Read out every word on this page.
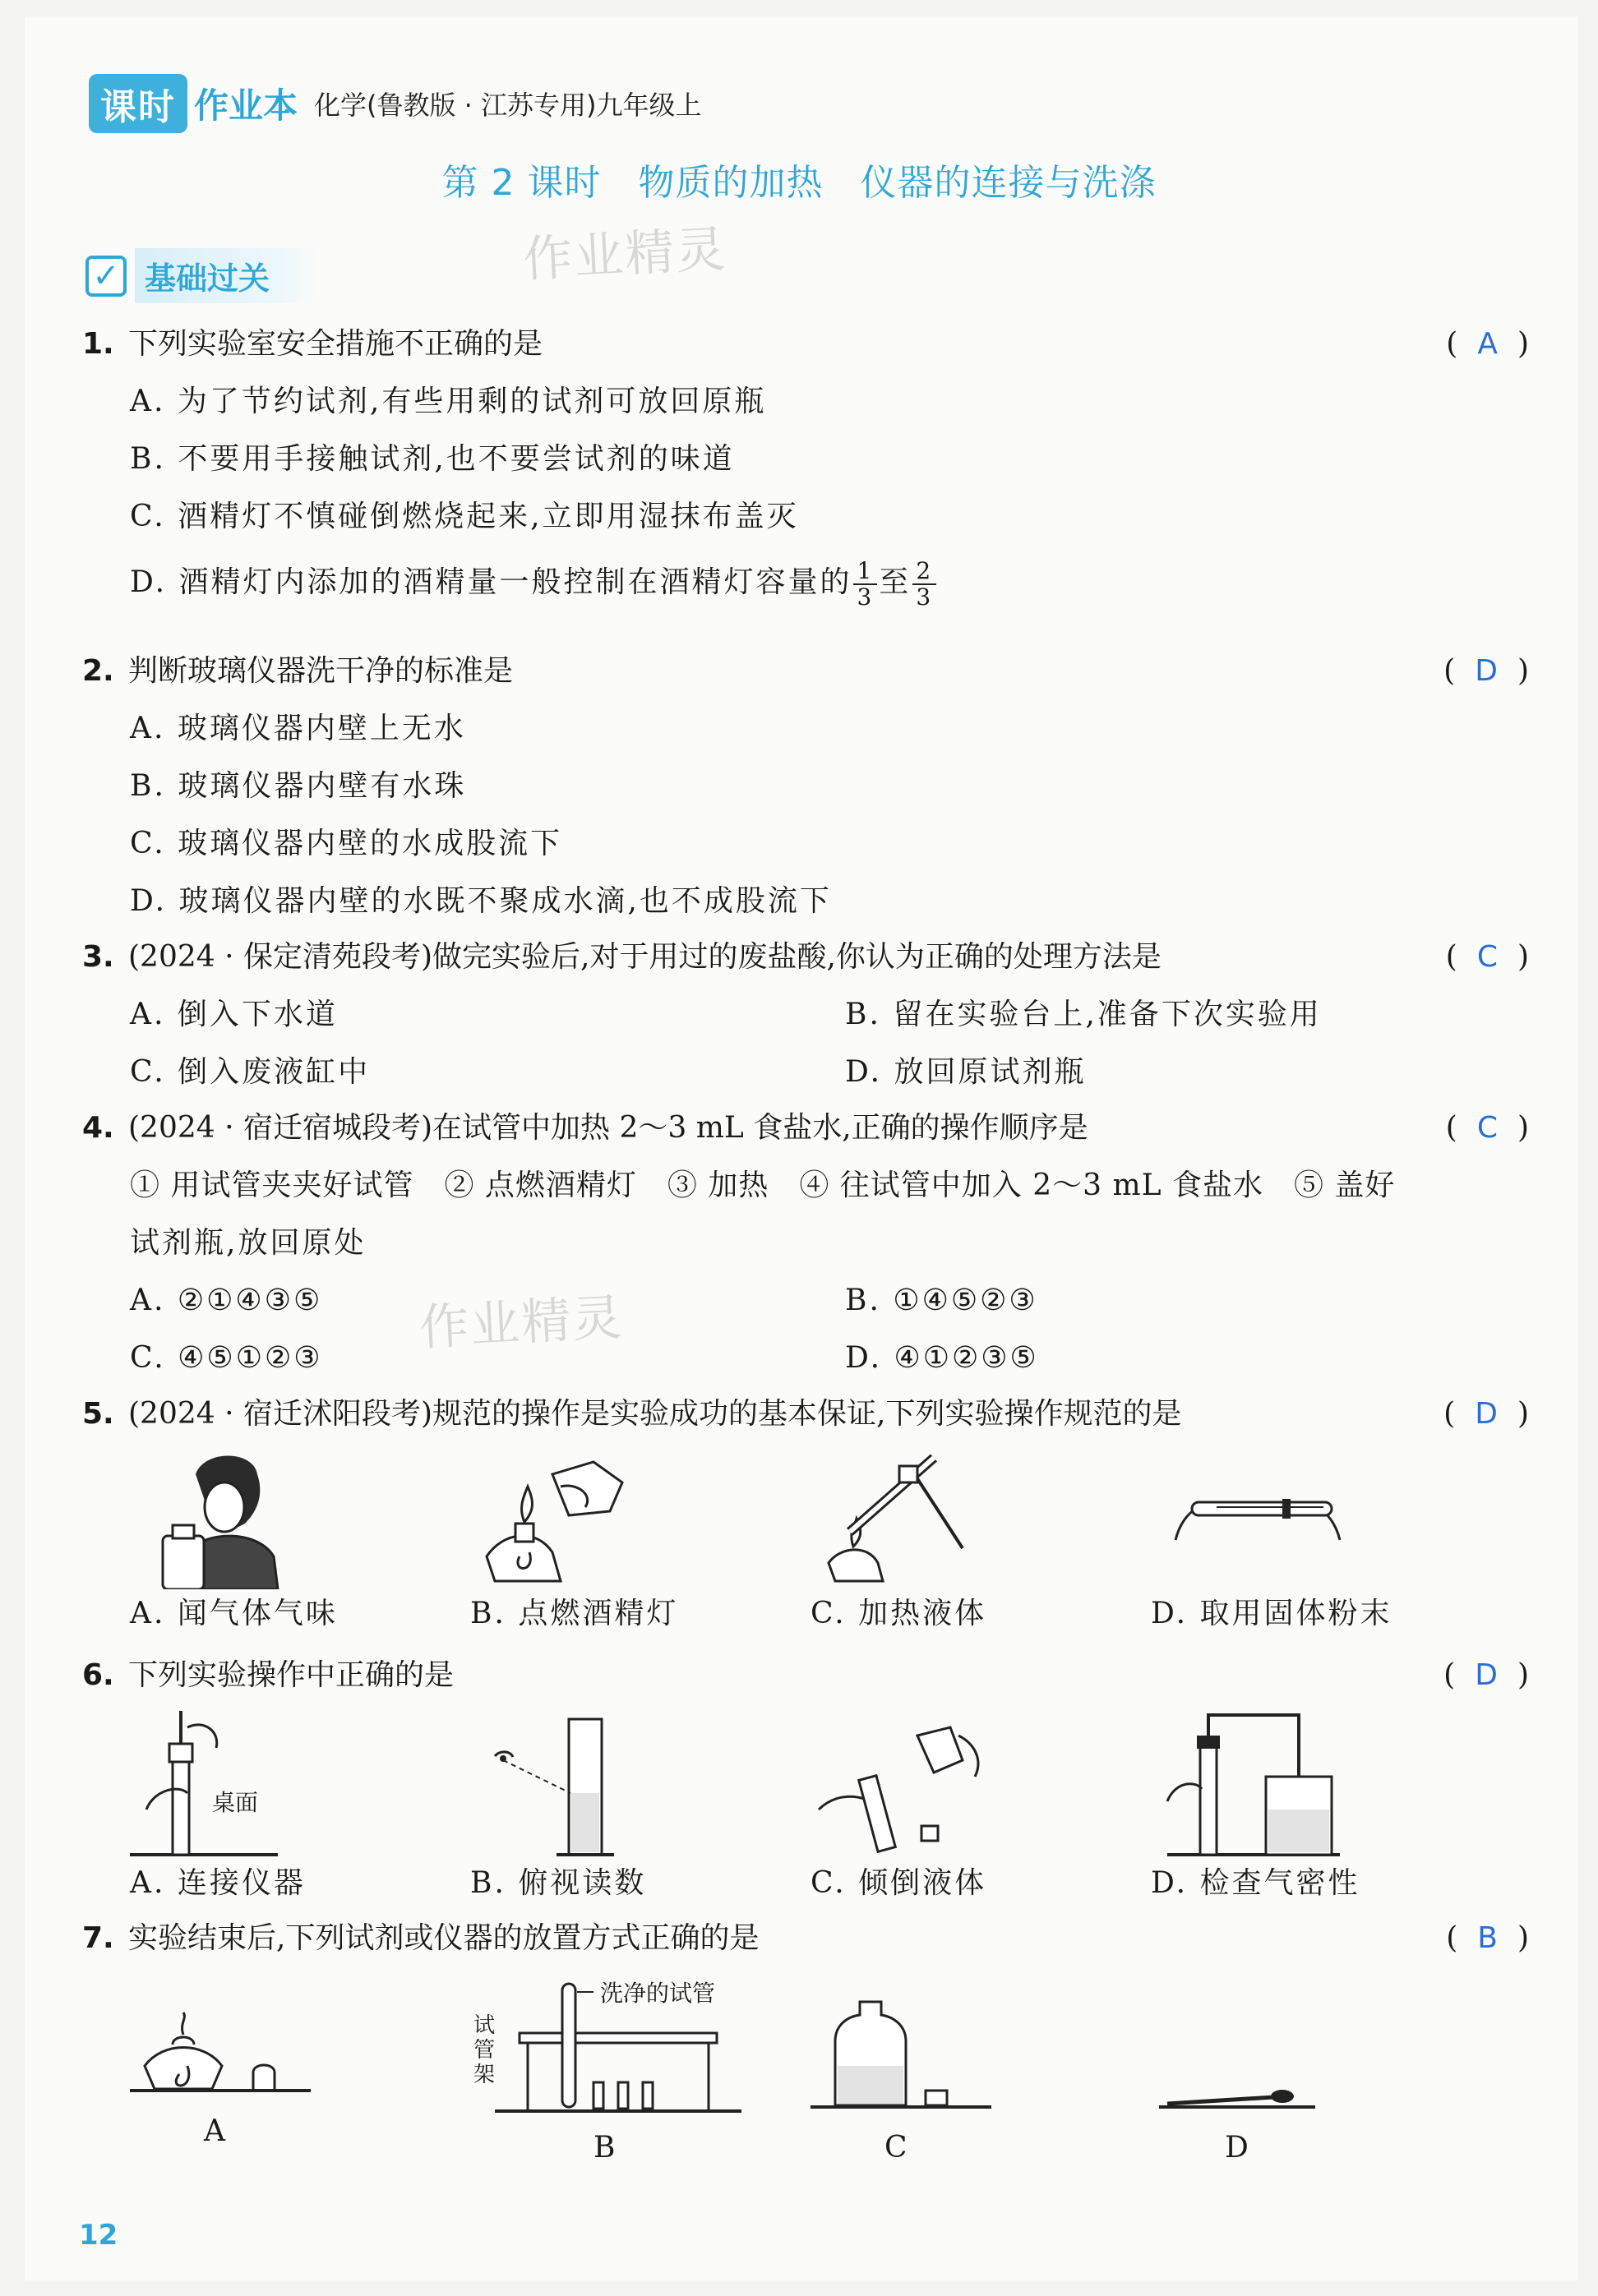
课时 作业本 化学(鲁教版 · 江苏专用)九年级上
第 2 课时　物质的加热　仪器的连接与洗涤
✓ 基础过关	作业精灵
作业精灵
1. 下列实验室安全措施不正确的是	( A )
A. 为了节约试剂,有些用剩的试剂可放回原瓶
B. 不要用手接触试剂,也不要尝试剂的味道
C. 酒精灯不慎碰倒燃烧起来,立即用湿抹布盖灭
D. 酒精灯内添加的酒精量一般控制在酒精灯容量的 $\frac{1}{3}$ 至 $\frac{2}{3}$
2. 判断玻璃仪器洗干净的标准是	( D )
A. 玻璃仪器内壁上无水
B. 玻璃仪器内壁有水珠
C. 玻璃仪器内壁的水成股流下
D. 玻璃仪器内壁的水既不聚成水滴,也不成股流下
3. (2024 · 保定清苑段考)做完实验后,对于用过的废盐酸,你认为正确的处理方法是	( C )
A. 倒入下水道	B. 留在实验台上,准备下次实验用
C. 倒入废液缸中	D. 放回原试剂瓶
4. (2024 · 宿迁宿城段考)在试管中加热 2～3 mL 食盐水,正确的操作顺序是	( C )
① 用试管夹夹好试管　② 点燃酒精灯　③ 加热　④ 往试管中加入 2～3 mL 食盐水　⑤ 盖好
试剂瓶,放回原处
A. ②①④③⑤	B. ①④⑤②③
C. ④⑤①②③	D. ④①②③⑤
5. (2024 · 宿迁沭阳段考)规范的操作是实验成功的基本保证,下列实验操作规范的是	( D )
A. 闻气体气味	B. 点燃酒精灯	C. 加热液体	D. 取用固体粉末
6. 下列实验操作中正确的是	( D )
桌面
A. 连接仪器	B. 俯视读数	C. 倾倒液体	D. 检查气密性
7. 实验结束后,下列试剂或仪器的放置方式正确的是	( B )
A
洗净的试管
试管架
B	C	D
12
